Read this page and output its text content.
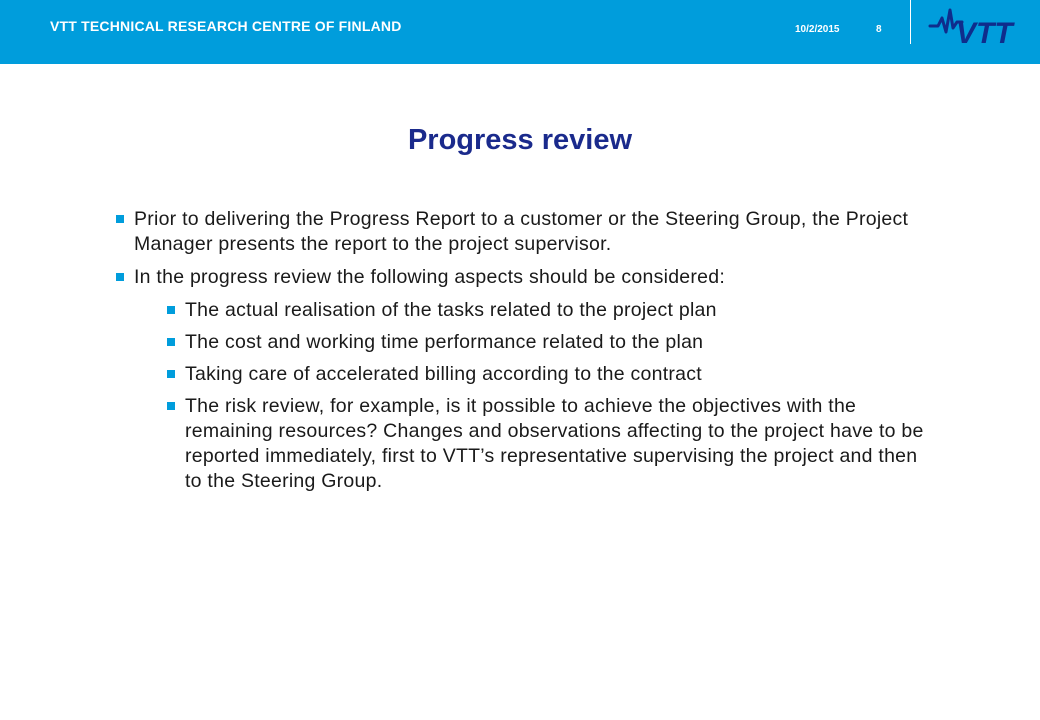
VTT TECHNICAL RESEARCH CENTRE OF FINLAND	10/2/2015	8 VTT
Progress review
Prior to delivering the Progress Report to a customer or the Steering Group, the Project Manager presents the report to the project supervisor.
In the progress review the following aspects should be considered:
The actual realisation of the tasks related to the project plan
The cost and working time performance related to the plan
Taking care of accelerated billing according to the contract
The risk review, for example, is it possible to achieve the objectives with the remaining resources? Changes and observations affecting to the project have to be reported immediately, first to VTT’s representative supervising the project and then to the Steering Group.
